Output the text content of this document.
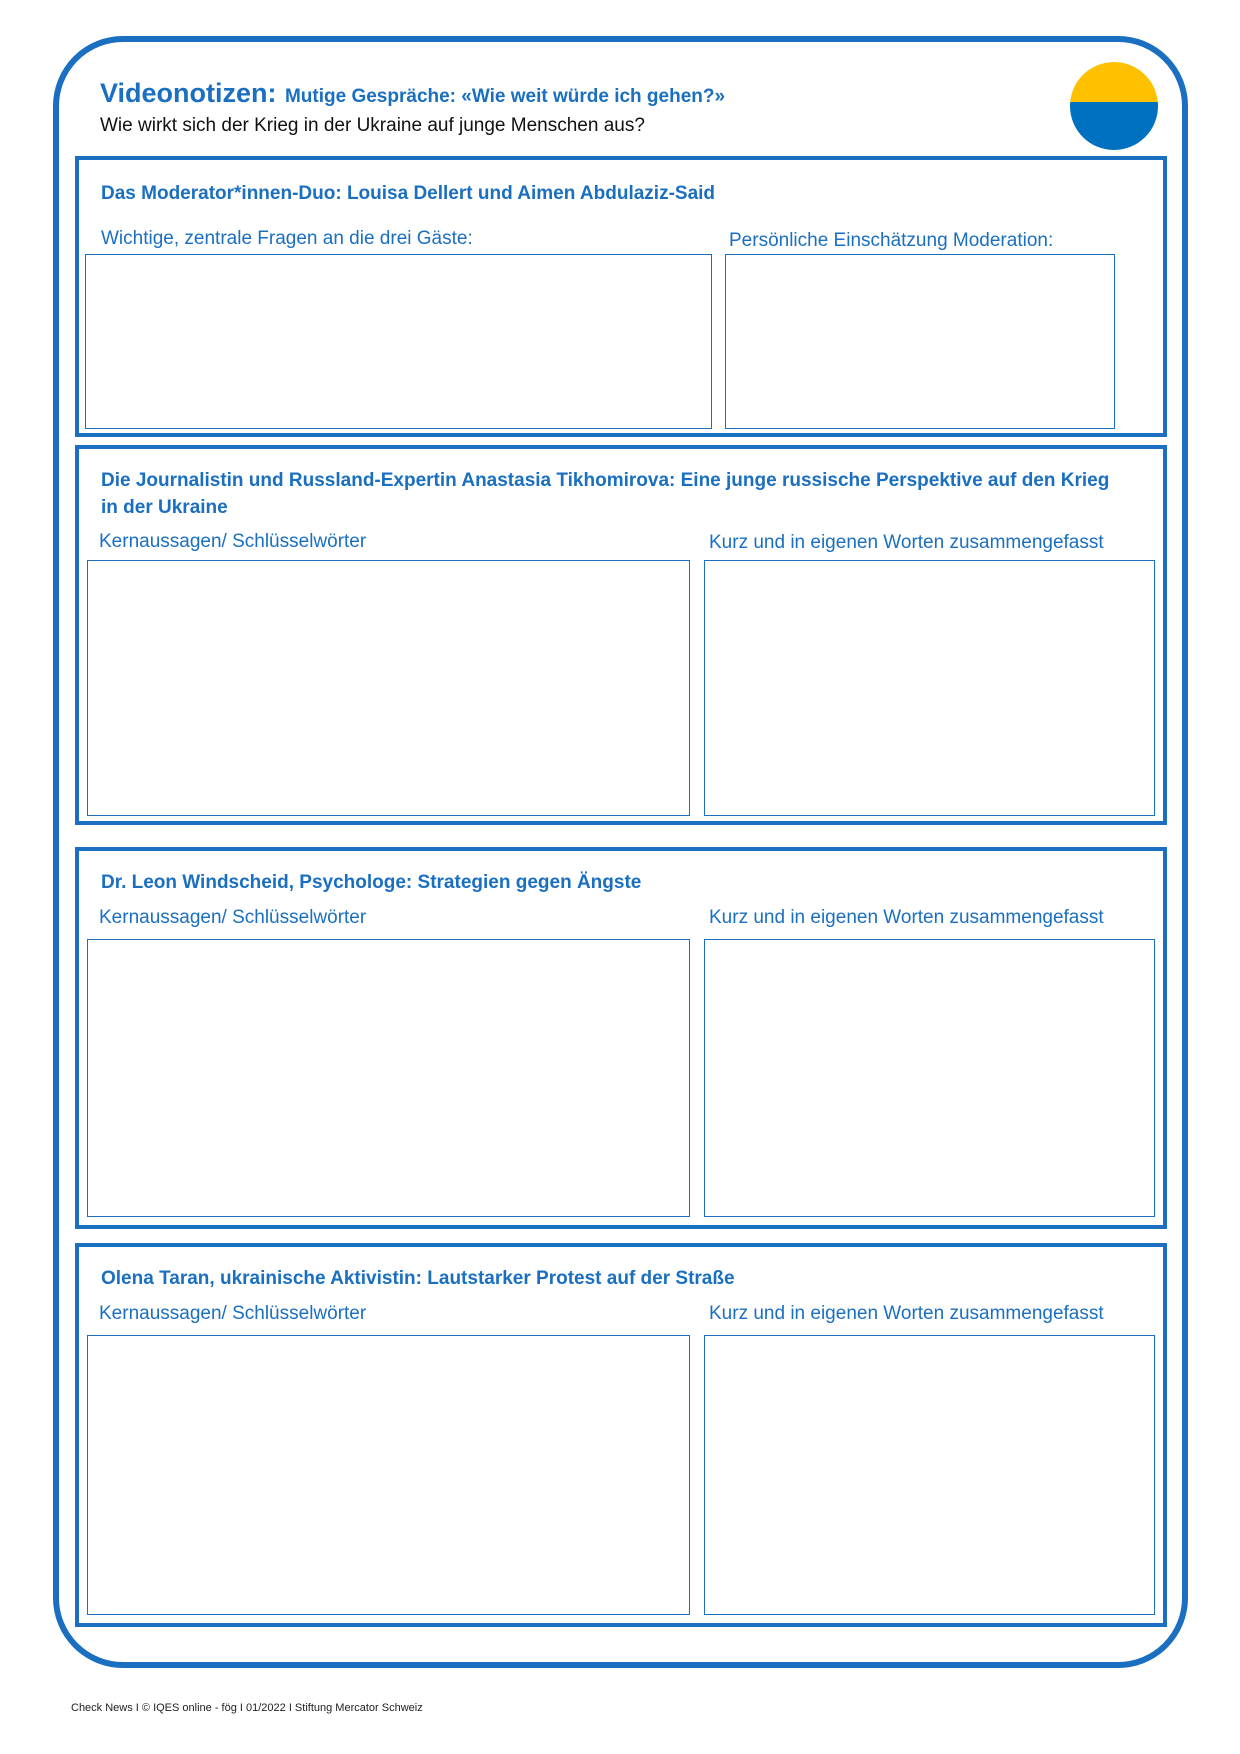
Videonotizen: Mutige Gespräche: «Wie weit würde ich gehen?»
Wie wirkt sich der Krieg in der Ukraine auf junge Menschen aus?
Das Moderator*innen-Duo: Louisa Dellert und Aimen Abdulaziz-Said
Wichtige, zentrale Fragen an die drei Gäste:	Persönliche Einschätzung Moderation:
Die Journalistin und Russland-Expertin Anastasia Tikhomirova: Eine junge russische Perspektive auf den Krieg in der Ukraine
Kernaussagen/ Schlüsselwörter	Kurz und in eigenen Worten zusammengefasst
Dr. Leon Windscheid, Psychologe: Strategien gegen Ängste
Kernaussagen/ Schlüsselwörter	Kurz und in eigenen Worten zusammengefasst
Olena Taran, ukrainische Aktivistin: Lautstarker Protest auf der Straße
Kernaussagen/ Schlüsselwörter	Kurz und in eigenen Worten zusammengefasst
Check News I © IQES online - fög I 01/2022 I Stiftung Mercator Schweiz
